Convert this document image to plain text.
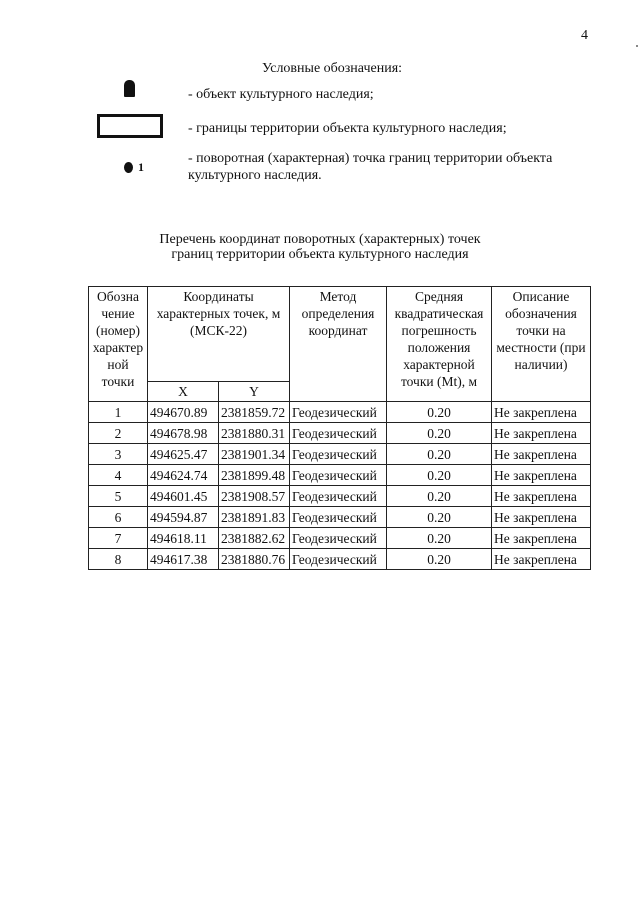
4
Условные обозначения:
- объект культурного наследия;
- границы территории объекта культурного наследия;
1
- поворотная (характерная) точка границ территории объекта культурного наследия.
Перечень координат поворотных (характерных) точек
границ территории объекта культурного наследия
Обозна чение (номер) характер ной точки	Координаты характерных точек, м (МСК-22)		Метод определения координат	Средняя квадратическая погрешность положения характерной точки (Mt), м	Описание обозначения точки на местности (при наличии)
	X	Y			
1	494670.89	2381859.72	Геодезический	0.20	Не закреплена
2	494678.98	2381880.31	Геодезический	0.20	Не закреплена
3	494625.47	2381901.34	Геодезический	0.20	Не закреплена
4	494624.74	2381899.48	Геодезический	0.20	Не закреплена
5	494601.45	2381908.57	Геодезический	0.20	Не закреплена
6	494594.87	2381891.83	Геодезический	0.20	Не закреплена
7	494618.11	2381882.62	Геодезический	0.20	Не закреплена
8	494617.38	2381880.76	Геодезический	0.20	Не закреплена
